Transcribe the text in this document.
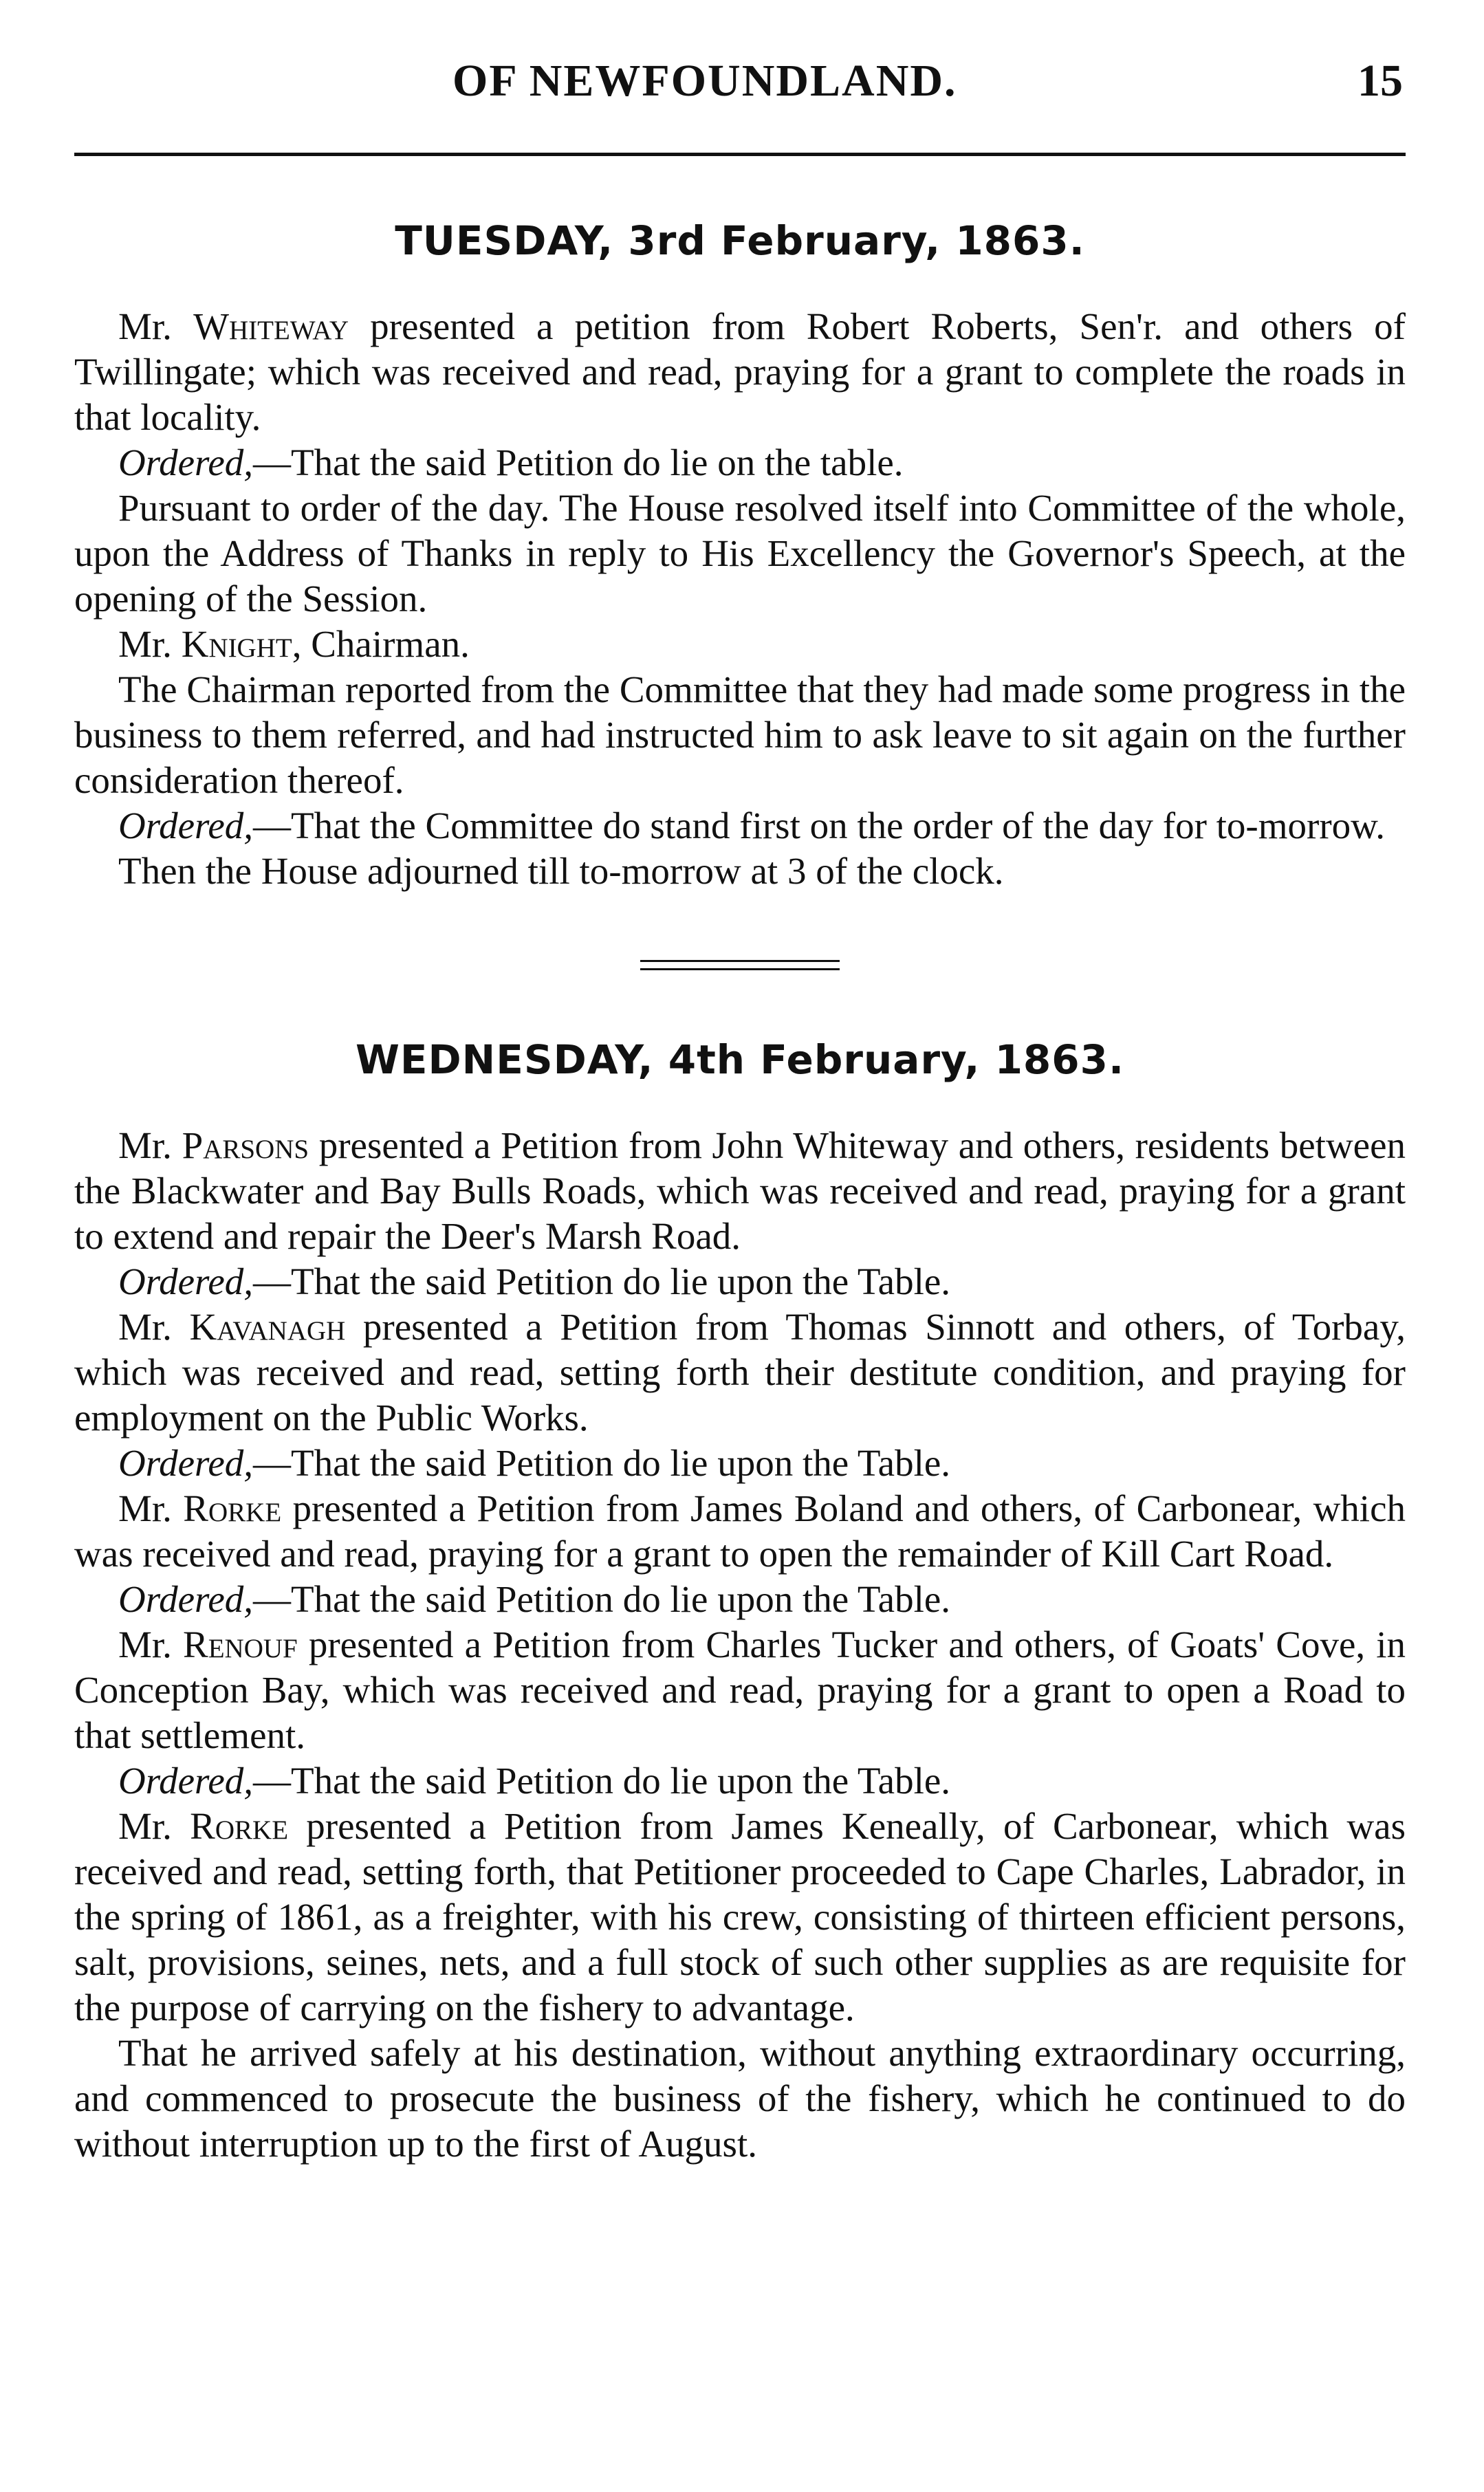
OF NEWFOUNDLAND.	15
TUESDAY, 3rd February, 1863.

Mr. Whiteway presented a petition from Robert Roberts, Sen'r. and others of Twillingate; which was received and read, praying for a grant to complete the roads in that locality.

Ordered,—That the said Petition do lie on the table.

Pursuant to order of the day. The House resolved itself into Committee of the whole, upon the Address of Thanks in reply to His Excellency the Governor's Speech, at the opening of the Session.

Mr. Knight, Chairman.

The Chairman reported from the Committee that they had made some progress in the business to them referred, and had instructed him to ask leave to sit again on the further consideration thereof.

Ordered,—That the Committee do stand first on the order of the day for to-morrow.

Then the House adjourned till to-morrow at 3 of the clock.

WEDNESDAY, 4th February, 1863.

Mr. Parsons presented a Petition from John Whiteway and others, residents between the Blackwater and Bay Bulls Roads, which was received and read, praying for a grant to extend and repair the Deer's Marsh Road.

Ordered,—That the said Petition do lie upon the Table.

Mr. Kavanagh presented a Petition from Thomas Sinnott and others, of Torbay, which was received and read, setting forth their destitute condition, and praying for employment on the Public Works.

Ordered,—That the said Petition do lie upon the Table.

Mr. Rorke presented a Petition from James Boland and others, of Carbonear, which was received and read, praying for a grant to open the remainder of Kill Cart Road.

Ordered,—That the said Petition do lie upon the Table.

Mr. Renouf presented a Petition from Charles Tucker and others, of Goats' Cove, in Conception Bay, which was received and read, praying for a grant to open a Road to that settlement.

Ordered,—That the said Petition do lie upon the Table.

Mr. Rorke presented a Petition from James Keneally, of Carbonear, which was received and read, setting forth, that Petitioner proceeded to Cape Charles, Labrador, in the spring of 1861, as a freighter, with his crew, consisting of thirteen efficient persons, salt, provisions, seines, nets, and a full stock of such other supplies as are requisite for the purpose of carrying on the fishery to advantage.

That he arrived safely at his destination, without anything extraordinary occurring, and commenced to prosecute the business of the fishery, which he continued to do without interruption up to the first of August.
